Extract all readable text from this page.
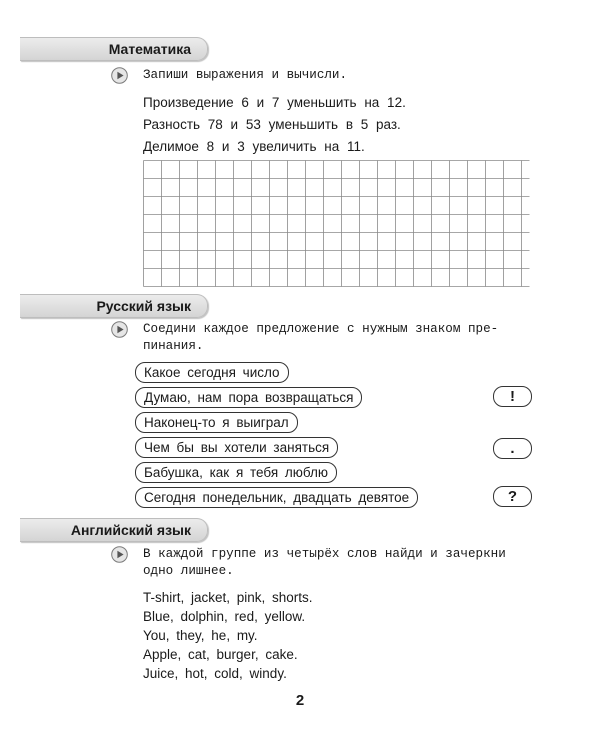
Математика
Запиши выражения и вычисли.
Произведение 6 и 7 уменьшить на 12.
Разность 78 и 53 уменьшить в 5 раз.
Делимое 8 и 3 увеличить на 11.
Русский язык
Соедини каждое предложение с нужным знаком пре-
пинания.
Какое сегодня число
Думаю, нам пора возвращаться
Наконец-то я выиграл
Чем бы вы хотели заняться
Бабушка, как я тебя люблю
Сегодня понедельник, двадцать девятое
!
.
?
Английский язык
В каждой группе из четырёх слов найди и зачеркни
одно лишнее.
T-shirt, jacket, pink, shorts.
Blue, dolphin, red, yellow.
You, they, he, my.
Apple, cat, burger, cake.
Juice, hot, cold, windy.
2
